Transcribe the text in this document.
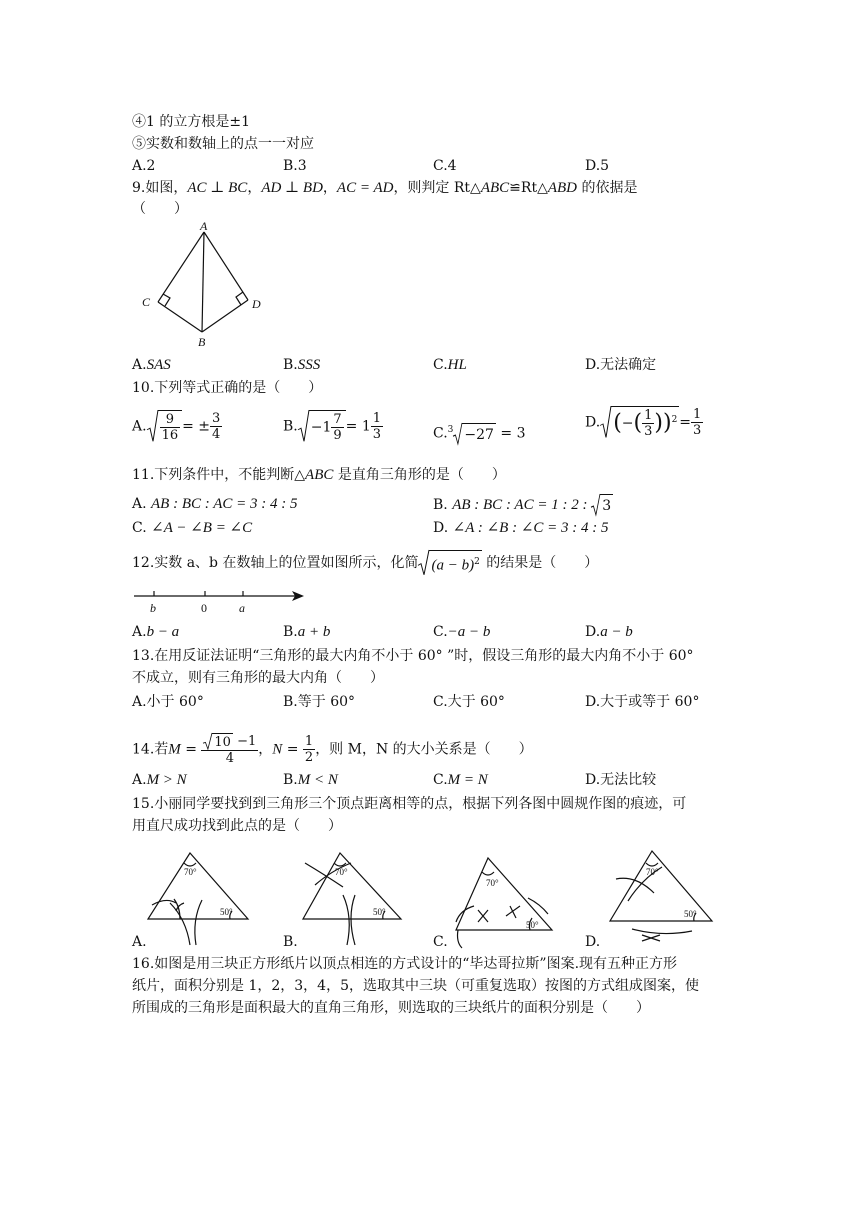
④1 的立方根是±1
⑤实数和数轴上的点一一对应
A.2	B.3	C.4	D.5
9.如图，AC ⊥ BC，AD ⊥ BD，AC = AD，则判定 Rt△ABC≌Rt△ABD 的依据是
（　　）
A
C	D
B
A.SAS	B.SSS	C.HL	D.无法确定
10.下列等式正确的是（　　）
A. $\frac{9}{16}$ = ± $\frac{3}{4}$	B. $-1 \frac{7}{9} = 1 \frac{1}{3}$	C.$^3$ −27 = 3
D. (−( $\frac{1}{3} ))^2 = \frac{1}{3}$
11.下列条件中，不能判断△ABC 是直角三角形的是（　　）
A. AB : BC : AC = 3 : 4 : 5	B. AB : BC : AC = 1 : 2 :
3
C. ∠A − ∠B = ∠C	D. ∠A : ∠B : ∠C = 3 : 4 : 5
12.实数 a、b 在数轴上的位置如图所示，化简 $(a - b)^2$ 的结果是（　　）
b	0	a
A.b − a	B.a + b	C.−a − b	D.a − b
13.在用反证法证明“三角形的最大内角不小于 60° ”时，假设三角形的最大内角不小于 60°
不成立，则有三角形的最大内角（　　）
A.小于 60°	B.等于 60°	C.大于 60°	D.大于或等于 60°
14.若$M = \frac{10 -1}{4}$ ，$N = \frac{1}{2}$ ，则 M，N 的大小关系是（　　）
A.M > N	B.M < N	C.M = N	D.无法比较
15.小丽同学要找到到三角形三个顶点距离相等的点，根据下列各图中圆规作图的痕迹，可
用直尺成功找到此点的是（　　）
70°
50°
A.
70°
50°
B.
70°
50°
C.
70°
50°
D.
16.如图是用三块正方形纸片以顶点相连的方式设计的“毕达哥拉斯”图案.现有五种正方形
纸片，面积分别是 1，2，3，4，5，选取其中三块（可重复选取）按图的方式组成图案，使
所围成的三角形是面积最大的直角三角形，则选取的三块纸片的面积分别是（　　）
